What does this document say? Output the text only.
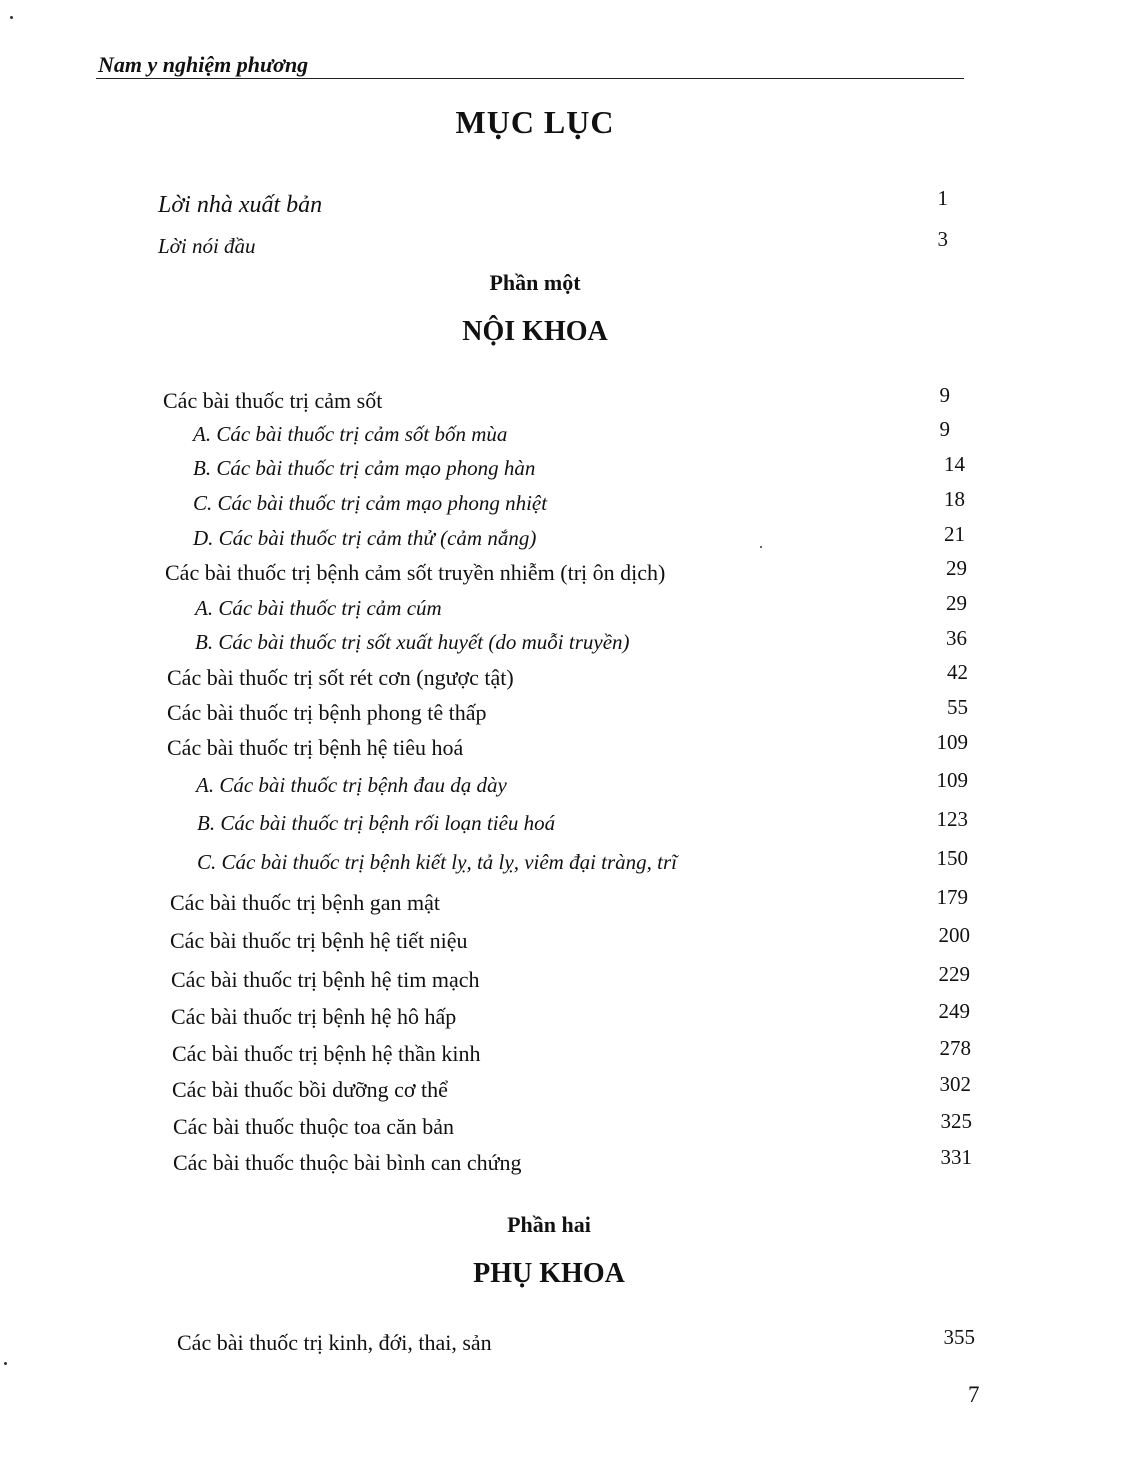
Nam y nghiệm phương
MỤC LỤC
Lời nhà xuất bản	1
Lời nói đầu	3
Phần một
NỘI KHOA
Các bài thuốc trị cảm sốt	9
A. Các bài thuốc trị cảm sốt bốn mùa	9
B. Các bài thuốc trị cảm mạo phong hàn	14
C. Các bài thuốc trị cảm mạo phong nhiệt	18
D. Các bài thuốc trị cảm thử (cảm nắng)	21
Các bài thuốc trị bệnh cảm sốt truyền nhiễm (trị ôn dịch)	29
A. Các bài thuốc trị cảm cúm	29
B. Các bài thuốc trị sốt xuất huyết (do muỗi truyền)	36
Các bài thuốc trị sốt rét cơn (ngược tật)	42
Các bài thuốc trị bệnh phong tê thấp	55
Các bài thuốc trị bệnh hệ tiêu hoá	109
A. Các bài thuốc trị bệnh đau dạ dày	109
B. Các bài thuốc trị bệnh rối loạn tiêu hoá	123
C. Các bài thuốc trị bệnh kiết lỵ, tả lỵ, viêm đại tràng, trĩ	150
Các bài thuốc trị bệnh gan mật	179
Các bài thuốc trị bệnh hệ tiết niệu	200
Các bài thuốc trị bệnh hệ tim mạch	229
Các bài thuốc trị bệnh hệ hô hấp	249
Các bài thuốc trị bệnh hệ thần kinh	278
Các bài thuốc bồi dưỡng cơ thể	302
Các bài thuốc thuộc toa căn bản	325
Các bài thuốc thuộc bài bình can chứng	331
Phần hai
PHỤ KHOA
Các bài thuốc trị kinh, đới, thai, sản	355
7
